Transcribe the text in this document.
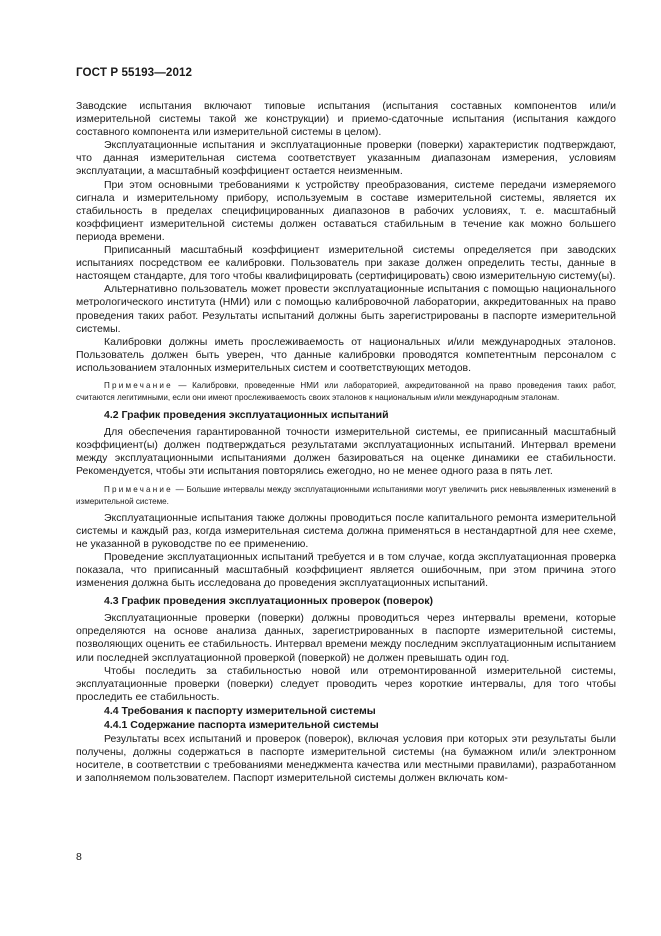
ГОСТ Р 55193—2012

Заводские испытания включают типовые испытания (испытания составных компонентов или/и измерительной системы такой же конструкции) и приемо-сдаточные испытания (испытания каждого составного компонента или измерительной системы в целом).

Эксплуатационные испытания и эксплуатационные проверки (поверки) характеристик подтверждают, что данная измерительная система соответствует указанным диапазонам измерения, условиям эксплуатации, а масштабный коэффициент остается неизменным.

При этом основными требованиями к устройству преобразования, системе передачи измеряемого сигнала и измерительному прибору, используемым в составе измерительной системы, является их стабильность в пределах специфицированных диапазонов в рабочих условиях, т. е. масштабный коэффициент измерительной системы должен оставаться стабильным в течение как можно большего периода времени.

Приписанный масштабный коэффициент измерительной системы определяется при заводских испытаниях посредством ее калибровки. Пользователь при заказе должен определить тесты, данные в настоящем стандарте, для того чтобы квалифицировать (сертифицировать) свою измерительную систему(ы).

Альтернативно пользователь может провести эксплуатационные испытания с помощью национального метрологического института (НМИ) или с помощью калибровочной лаборатории, аккредитованных на право проведения таких работ. Результаты испытаний должны быть зарегистрированы в паспорте измерительной системы.

Калибровки должны иметь прослеживаемость от национальных и/или международных эталонов. Пользователь должен быть уверен, что данные калибровки проводятся компетентным персоналом с использованием эталонных измерительных систем и соответствующих методов.

Примечание — Калибровки, проведенные НМИ или лабораторией, аккредитованной на право проведения таких работ, считаются легитимными, если они имеют прослеживаемость своих эталонов к национальным и/или международным эталонам.

4.2 График проведения эксплуатационных испытаний

Для обеспечения гарантированной точности измерительной системы, ее приписанный масштабный коэффициент(ы) должен подтверждаться результатами эксплуатационных испытаний. Интервал времени между эксплуатационными испытаниями должен базироваться на оценке динамики ее стабильности. Рекомендуется, чтобы эти испытания повторялись ежегодно, но не менее одного раза в пять лет.

Примечание — Большие интервалы между эксплуатационными испытаниями могут увеличить риск невыявленных изменений в измерительной системе.

Эксплуатационные испытания также должны проводиться после капитального ремонта измерительной системы и каждый раз, когда измерительная система должна применяться в нестандартной для нее схеме, не указанной в руководстве по ее применению.

Проведение эксплуатационных испытаний требуется и в том случае, когда эксплуатационная проверка показала, что приписанный масштабный коэффициент является ошибочным, при этом причина этого изменения должна быть исследована до проведения эксплуатационных испытаний.

4.3 График проведения эксплуатационных проверок (поверок)

Эксплуатационные проверки (поверки) должны проводиться через интервалы времени, которые определяются на основе анализа данных, зарегистрированных в паспорте измерительной системы, позволяющих оценить ее стабильность. Интервал времени между последним эксплуатационным испытанием или последней эксплуатационной проверкой (поверкой) не должен превышать один год.

Чтобы последить за стабильностью новой или отремонтированной измерительной системы, эксплуатационные проверки (поверки) следует проводить через короткие интервалы, для того чтобы проследить ее стабильность.

4.4 Требования к паспорту измерительной системы
4.4.1 Содержание паспорта измерительной системы

Результаты всех испытаний и проверок (поверок), включая условия при которых эти результаты были получены, должны содержаться в паспорте измерительной системы (на бумажном или/и электронном носителе, в соответствии с требованиями менеджмента качества или местными правилами), разработанном и заполняемом пользователем. Паспорт измерительной системы должен включать ком-

8
